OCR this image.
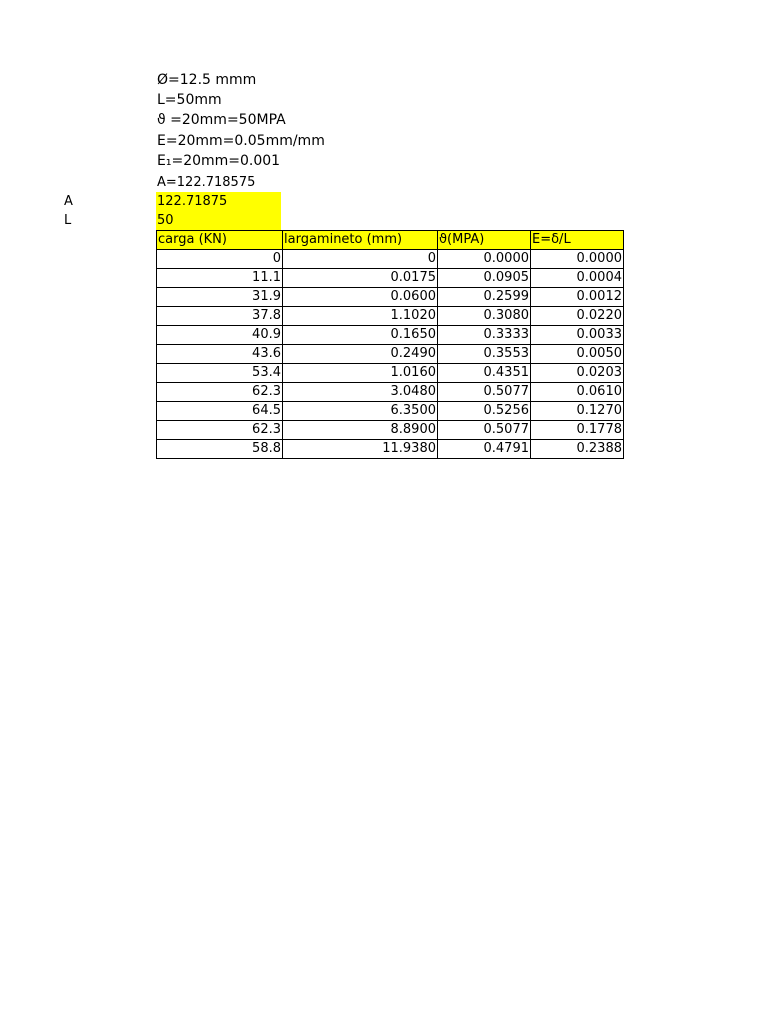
Ø=12.5 mmm
L=50mm
ϑ =20mm=50MPA
E=20mm=0.05mm/mm
E₁=20mm=0.001
A=122.718575
A	122.71875
L	50
carga (KN)	largamineto (mm)	ϑ(MPA)	E=δ/L
0	0	0.0000	0.0000
11.1	0.0175	0.0905	0.0004
31.9	0.0600	0.2599	0.0012
37.8	1.1020	0.3080	0.0220
40.9	0.1650	0.3333	0.0033
43.6	0.2490	0.3553	0.0050
53.4	1.0160	0.4351	0.0203
62.3	3.0480	0.5077	0.0610
64.5	6.3500	0.5256	0.1270
62.3	8.8900	0.5077	0.1778
58.8	11.9380	0.4791	0.2388
